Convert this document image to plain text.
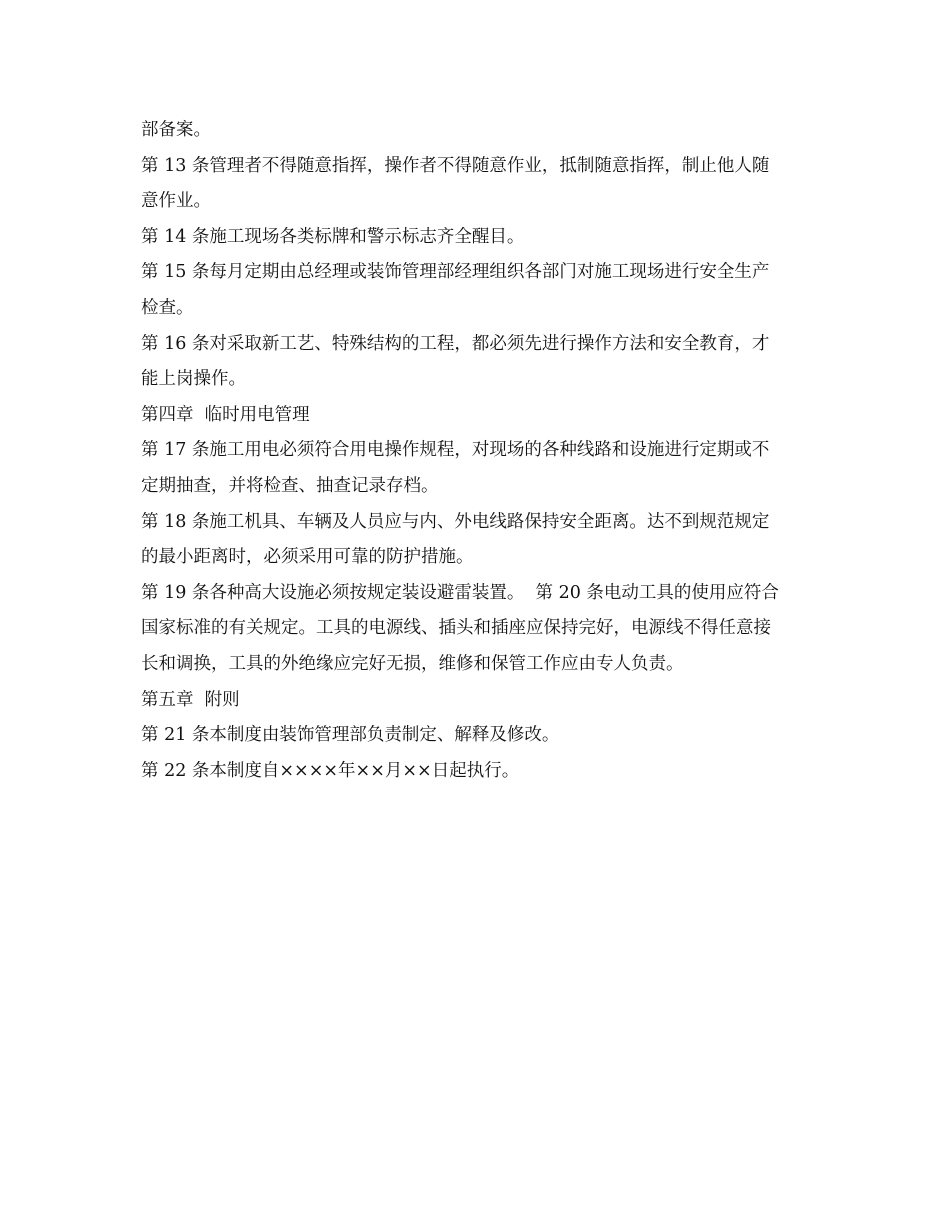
部备案。
第 13 条管理者不得随意指挥，操作者不得随意作业，抵制随意指挥，制止他人随
意作业。
第 14 条施工现场各类标牌和警示标志齐全醒目。
第 15 条每月定期由总经理或装饰管理部经理组织各部门对施工现场进行安全生产
检查。
第 16 条对采取新工艺、特殊结构的工程，都必须先进行操作方法和安全教育，才
能上岗操作。
第四章  临时用电管理
第 17 条施工用电必须符合用电操作规程，对现场的各种线路和设施进行定期或不
定期抽查，并将检查、抽查记录存档。
第 18 条施工机具、车辆及人员应与内、外电线路保持安全距离。达不到规范规定
的最小距离时，必须采用可靠的防护措施。
第 19 条各种高大设施必须按规定装设避雷装置。  第 20 条电动工具的使用应符合
国家标准的有关规定。工具的电源线、插头和插座应保持完好，电源线不得任意接
长和调换，工具的外绝缘应完好无损，维修和保管工作应由专人负责。
第五章  附则
第 21 条本制度由装饰管理部负责制定、解释及修改。
第 22 条本制度自××××年××月××日起执行。
